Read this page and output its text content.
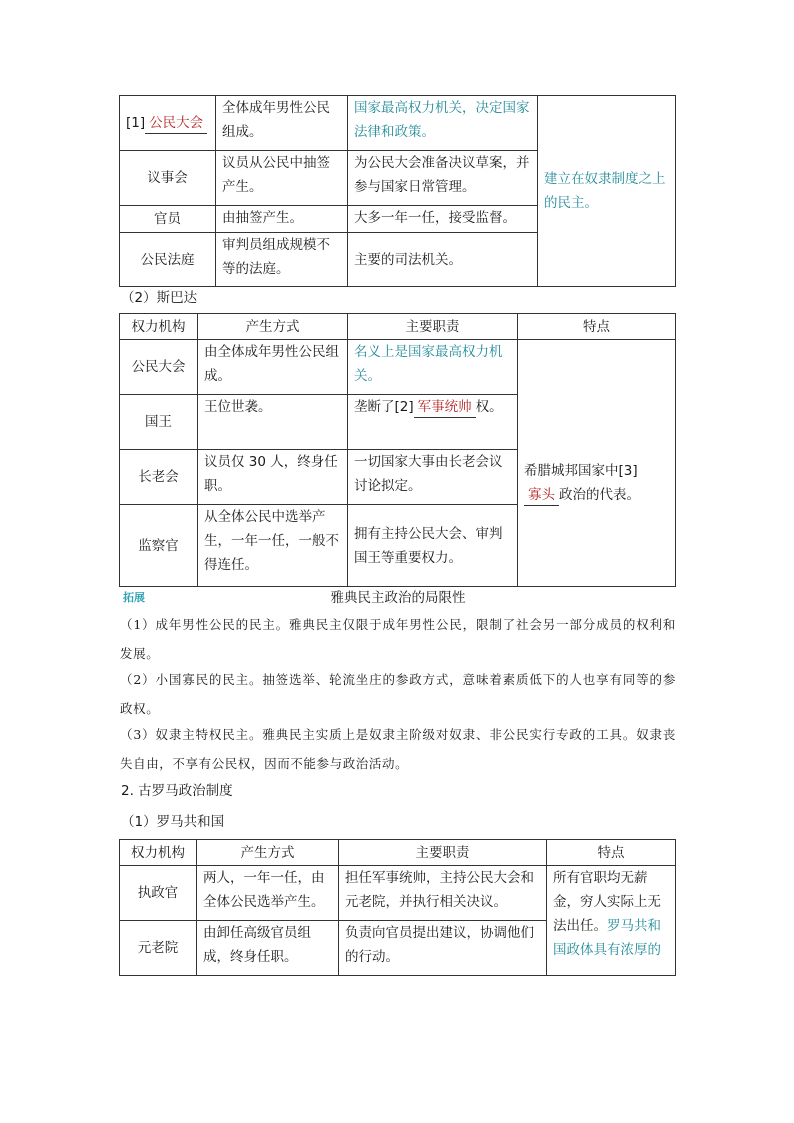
[1] 公民大会	全体成年男性公民组成。	国家最高权力机关，决定国家法律和政策。	建立在奴隶制度之上的民主。
议事会	议员从公民中抽签产生。	为公民大会准备决议草案，并参与国家日常管理。	
官员	由抽签产生。	大多一年一任，接受监督。	
公民法庭	审判员组成规模不等的法庭。	主要的司法机关。	
（2）斯巴达
权力机构	产生方式	主要职责	特点
公民大会	由全体成年男性公民组成。	名义上是国家最高权力机关。	希腊城邦国家中[3]寡头 政治的代表。
国王	王位世袭。	垄断了[2] 军事统帅 权。	
长老会	议员仅 30 人，终身任职。	一切国家大事由长老会议讨论拟定。	
监察官	从全体公民中选举产生，一年一任，一般不得连任。	拥有主持公民大会、审判国王等重要权力。	
拓展	雅典民主政治的局限性
（1）成年男性公民的民主。雅典民主仅限于成年男性公民，限制了社会另一部分成员的权利和发展。
（2）小国寡民的民主。抽签选举、轮流坐庄的参政方式，意味着素质低下的人也享有同等的参政权。
（3）奴隶主特权民主。雅典民主实质上是奴隶主阶级对奴隶、非公民实行专政的工具。奴隶丧失自由，不享有公民权，因而不能参与政治活动。
2. 古罗马政治制度
（1）罗马共和国
权力机构	产生方式	主要职责	特点
执政官	两人，一年一任，由全体公民选举产生。	担任军事统帅，主持公民大会和元老院，并执行相关决议。	所有官职均无薪金，穷人实际上无法出任。罗马共和国政体具有浓厚的
元老院	由卸任高级官员组成，终身任职。	负责向官员提出建议，协调他们的行动。	
